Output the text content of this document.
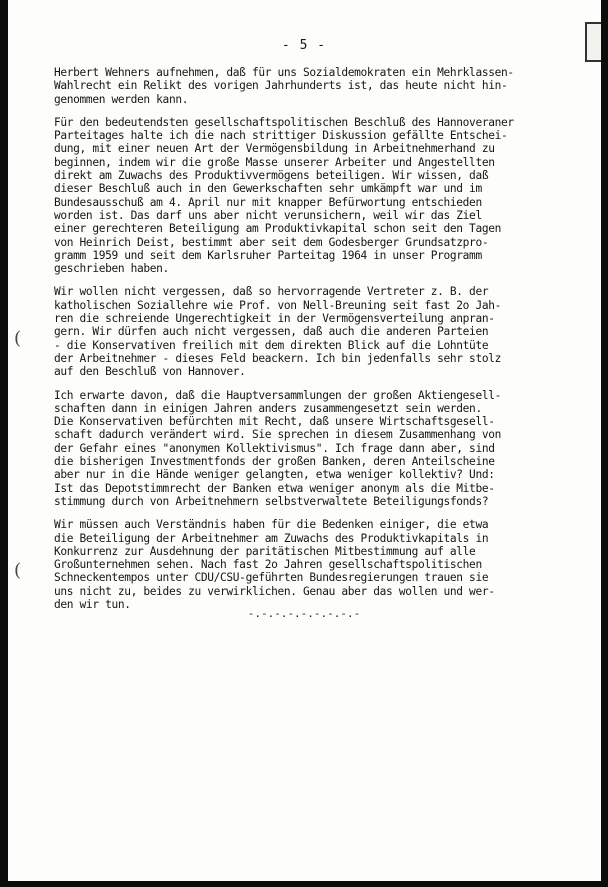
- 5 -
(
(
Herbert Wehners aufnehmen, daß für uns Sozialdemokraten ein Mehrklassen-
Wahlrecht ein Relikt des vorigen Jahrhunderts ist, das heute nicht hin-
genommen werden kann.
Für den bedeutendsten gesellschaftspolitischen Beschluß des Hannoveraner
Parteitages halte ich die nach strittiger Diskussion gefällte Entschei-
dung, mit einer neuen Art der Vermögensbildung in Arbeitnehmerhand zu
beginnen, indem wir die große Masse unserer Arbeiter und Angestellten
direkt am Zuwachs des Produktivvermögens beteiligen. Wir wissen, daß
dieser Beschluß auch in den Gewerkschaften sehr umkämpft war und im
Bundesausschuß am 4. April nur mit knapper Befürwortung entschieden
worden ist. Das darf uns aber nicht verunsichern, weil wir das Ziel
einer gerechteren Beteiligung am Produktivkapital schon seit den Tagen
von Heinrich Deist, bestimmt aber seit dem Godesberger Grundsatzpro-
gramm 1959 und seit dem Karlsruher Parteitag 1964 in unser Programm
geschrieben haben.
Wir wollen nicht vergessen, daß so hervorragende Vertreter z. B. der
katholischen Soziallehre wie Prof. von Nell-Breuning seit fast 2o Jah-
ren die schreiende Ungerechtigkeit in der Vermögensverteilung anpran-
gern. Wir dürfen auch nicht vergessen, daß auch die anderen Parteien
- die Konservativen freilich mit dem direkten Blick auf die Lohntüte
der Arbeitnehmer - dieses Feld beackern. Ich bin jedenfalls sehr stolz
auf den Beschluß von Hannover.
Ich erwarte davon, daß die Hauptversammlungen der großen Aktiengesell-
schaften dann in einigen Jahren anders zusammengesetzt sein werden.
Die Konservativen befürchten mit Recht, daß unsere Wirtschaftsgesell-
schaft dadurch verändert wird. Sie sprechen in diesem Zusammenhang von
der Gefahr eines "anonymen Kollektivismus". Ich frage dann aber, sind
die bisherigen Investmentfonds der großen Banken, deren Anteilscheine
aber nur in die Hände weniger gelangten, etwa weniger kollektiv? Und:
Ist das Depotstimmrecht der Banken etwa weniger anonym als die Mitbe-
stimmung durch von Arbeitnehmern selbstverwaltete Beteiligungsfonds?
Wir müssen auch Verständnis haben für die Bedenken einiger, die etwa
die Beteiligung der Arbeitnehmer am Zuwachs des Produktivkapitals in
Konkurrenz zur Ausdehnung der paritätischen Mitbestimmung auf alle
Großunternehmen sehen. Nach fast 2o Jahren gesellschaftspolitischen
Schneckentempos unter CDU/CSU-geführten Bundesregierungen trauen sie
uns nicht zu, beides zu verwirklichen. Genau aber das wollen und wer-
den wir tun.
-.-.-.-.-.-.-.-.-
